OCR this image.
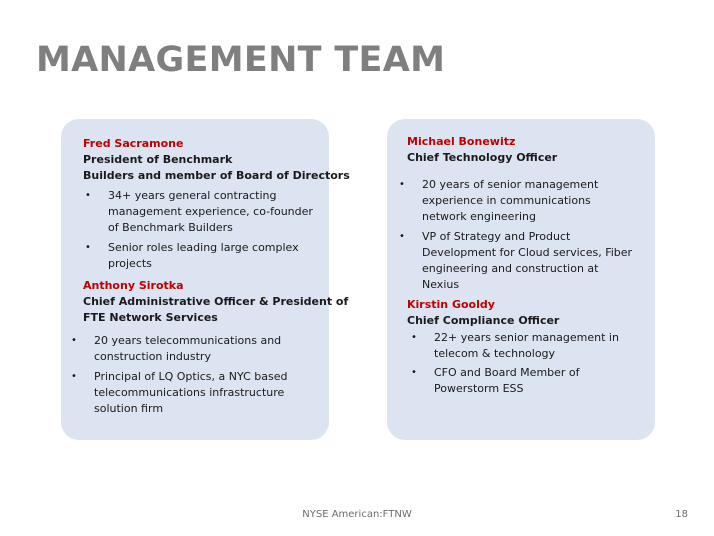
MANAGEMENT TEAM
Fred Sacramone
President of Benchmark
Builders and member of Board of Directors
• 34+ years general contracting
management experience, co-founder
of Benchmark Builders
• Senior roles leading large complex
projects
Anthony Sirotka
Chief Administrative Officer & President of
FTE Network Services
• 20 years telecommunications and
construction industry
• Principal of LQ Optics, a NYC based
telecommunications infrastructure
solution firm
Michael Bonewitz
Chief Technology Officer
• 20 years of senior management
experience in communications
network engineering
• VP of Strategy and Product
Development for Cloud services, Fiber
engineering and construction at
Nexius
Kirstin Gooldy
Chief Compliance Officer
• 22+ years senior management in
telecom & technology
• CFO and Board Member of
Powerstorm ESS
NYSE American:FTNW	18
